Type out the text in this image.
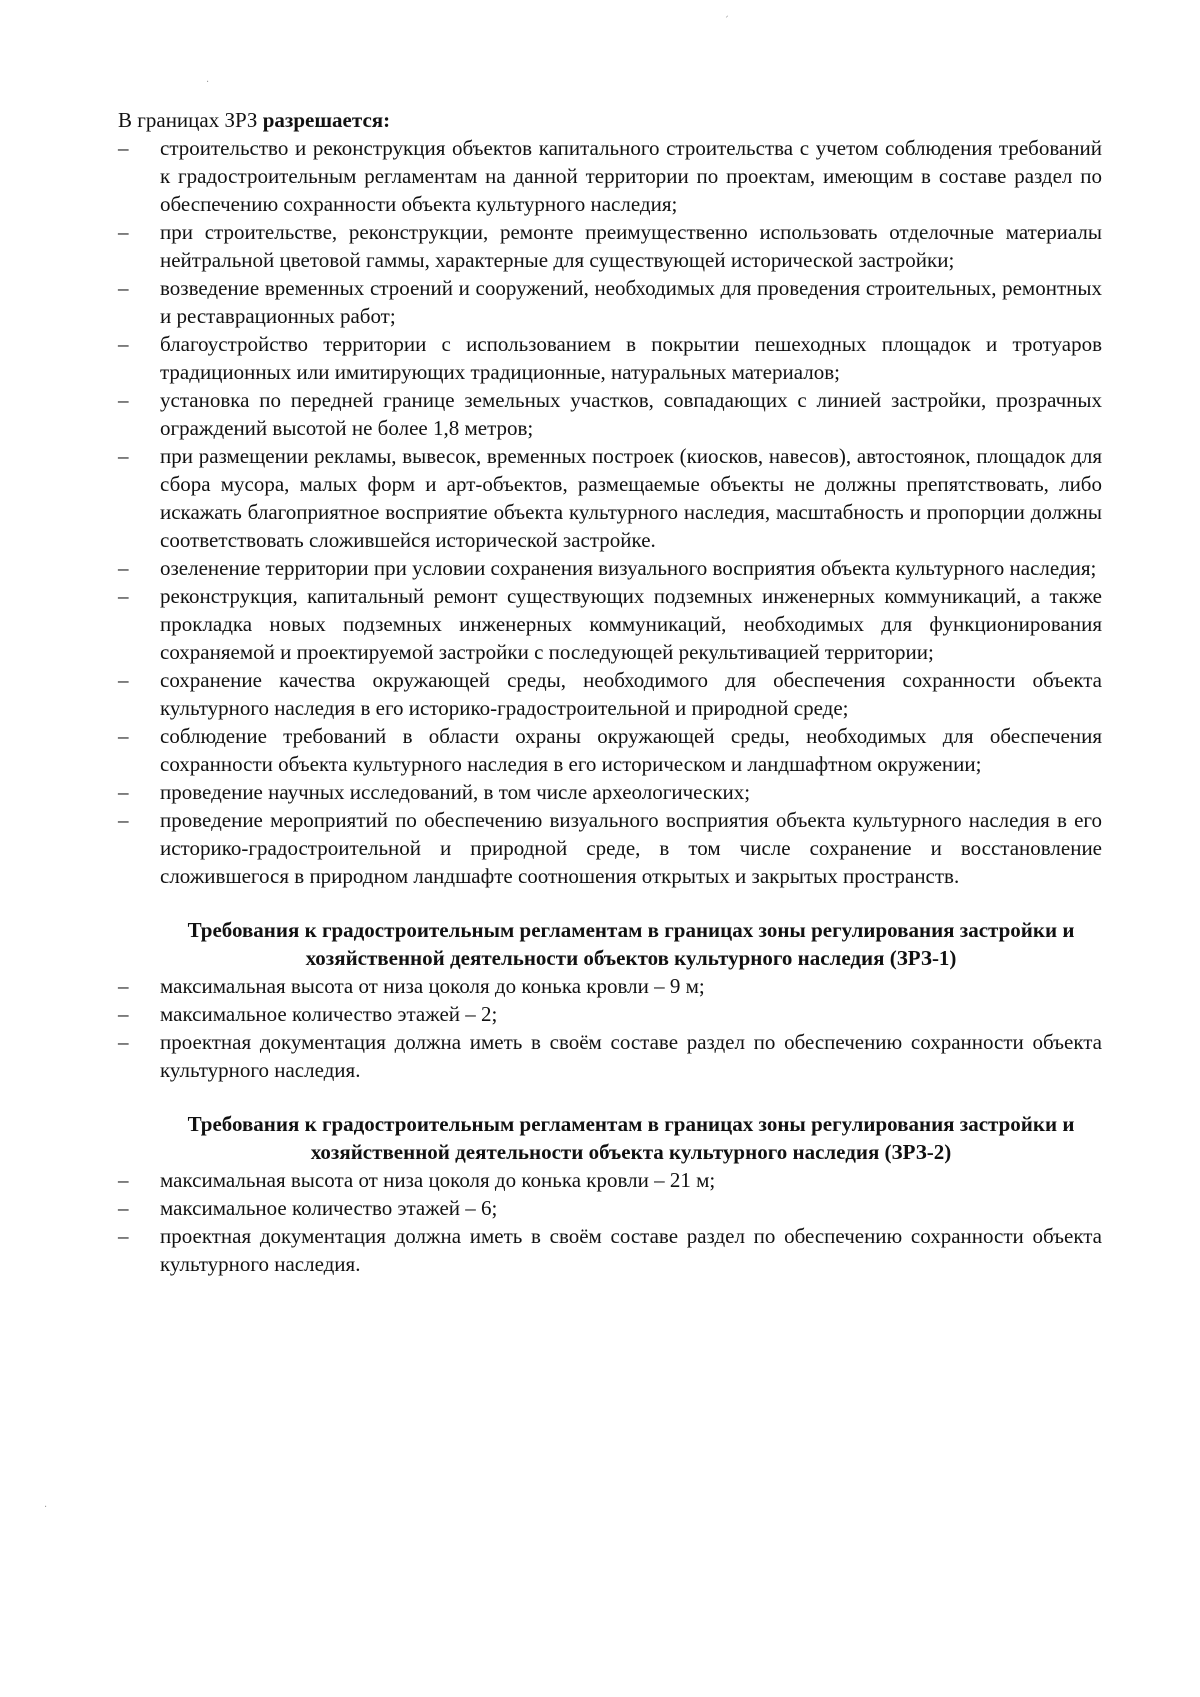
В границах ЗРЗ разрешается:
– строительство и реконструкция объектов капитального строительства с учетом соблюдения требований к градостроительным регламентам на данной территории по проектам, имеющим в составе раздел по обеспечению сохранности объекта культурного наследия;
– при строительстве, реконструкции, ремонте преимущественно использовать отделочные материалы нейтральной цветовой гаммы, характерные для существующей исторической застройки;
– возведение временных строений и сооружений, необходимых для проведения строительных, ремонтных и реставрационных работ;
– благоустройство территории с использованием в покрытии пешеходных площадок и тротуаров традиционных или имитирующих традиционные, натуральных материалов;
– установка по передней границе земельных участков, совпадающих с линией застройки, прозрачных ограждений высотой не более 1,8 метров;
– при размещении рекламы, вывесок, временных построек (киосков, навесов), автостоянок, площадок для сбора мусора, малых форм и арт-объектов, размещаемые объекты не должны препятствовать, либо искажать благоприятное восприятие объекта культурного наследия, масштабность и пропорции должны соответствовать сложившейся исторической застройке.
– озеленение территории при условии сохранения визуального восприятия объекта культурного наследия;
– реконструкция, капитальный ремонт существующих подземных инженерных коммуникаций, а также прокладка новых подземных инженерных коммуникаций, необходимых для функционирования сохраняемой и проектируемой застройки с последующей рекультивацией территории;
– сохранение качества окружающей среды, необходимого для обеспечения сохранности объекта культурного наследия в его историко-градостроительной и природной среде;
– соблюдение требований в области охраны окружающей среды, необходимых для обеспечения сохранности объекта культурного наследия в его историческом и ландшафтном окружении;
– проведение научных исследований, в том числе археологических;
– проведение мероприятий по обеспечению визуального восприятия объекта культурного наследия в его историко-градостроительной и природной среде, в том числе сохранение и восстановление сложившегося в природном ландшафте соотношения открытых и закрытых пространств.
Требования к градостроительным регламентам в границах зоны регулирования застройки и хозяйственной деятельности объектов культурного наследия (ЗРЗ-1)
– максимальная высота от низа цоколя до конька кровли – 9 м;
– максимальное количество этажей – 2;
– проектная документация должна иметь в своём составе раздел по обеспечению сохранности объекта культурного наследия.
Требования к градостроительным регламентам в границах зоны регулирования застройки и хозяйственной деятельности объекта культурного наследия (ЗРЗ-2)
– максимальная высота от низа цоколя до конька кровли – 21 м;
– максимальное количество этажей – 6;
– проектная документация должна иметь в своём составе раздел по обеспечению сохранности объекта культурного наследия.
ˏ
·
·
